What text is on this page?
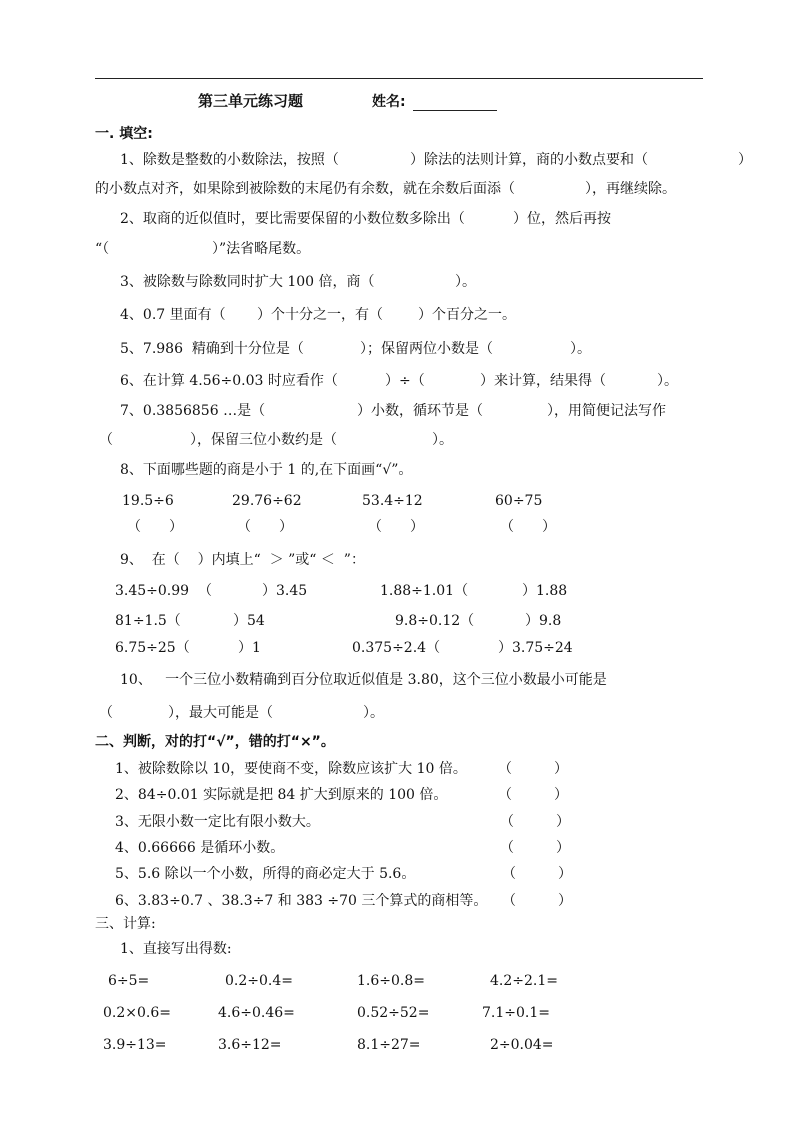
第三单元练习题	姓名:
一. 填空:
1、除数是整数的小数除法，按照（	）除法的法则计算，商的小数点要和（	）
的小数点对齐，如果除到被除数的末尾仍有余数，就在余数后面添（	），再继续除。
2、取商的近似值时，要比需要保留的小数位数多除出（	）位，然后再按
“（	）”法省略尾数。
3、被除数与除数同时扩大 100 倍，商（	）。
4、0.7 里面有（ ）个十分之一，有（	）个百分之一。
5、7.986  精确到十分位是（	）；保留两位小数是（	）。
6、在计算 4.56÷0.03 时应看作（	）÷（	）来计算，结果得（	）。
7、0.3856856 …是（	）小数，循环节是（	），用简便记法写作
（	），保留三位小数约是（	）。
8、下面哪些题的商是小于 1 的,在下面画“√”。
19.5÷6	29.76÷62	53.4÷12	60÷75
（　　）	（　　）	（　　）	（　　）
9、  在（    ）内填上“  ＞ ”或“ ＜  ”：
3.45÷0.99  （	）3.45	1.88÷1.01（	）1.88
81÷1.5（	）54	9.8÷0.12（	）9.8
6.75÷25（	）1	0.375÷2.4（	）3.75÷24
10、   一个三位小数精确到百分位取近似值是 3.80，这个三位小数最小可能是
（	），最大可能是（	）。
二、判断，对的打“√”，错的打“×”。
1、被除数除以 10，要使商不变，除数应该扩大 10 倍。 （　　　）
2、84÷0.01 实际就是把 84 扩大到原来的 100 倍。	（　　　）
3、无限小数一定比有限小数大。	（　　　）
4、0.66666 是循环小数。	（　　　）
5、5.6 除以一个小数，所得的商必定大于 5.6。	（　　　）
6、3.83÷0.7 、38.3÷7 和 383 ÷70 三个算式的商相等。 （　　　）
三、计算:
1、直接写出得数:
6÷5=	0.2÷0.4=	1.6÷0.8=	4.2÷2.1=
0.2×0.6=	4.6÷0.46=	0.52÷52=	7.1÷0.1=
3.9÷13=	3.6÷12=	8.1÷27=	2÷0.04=
